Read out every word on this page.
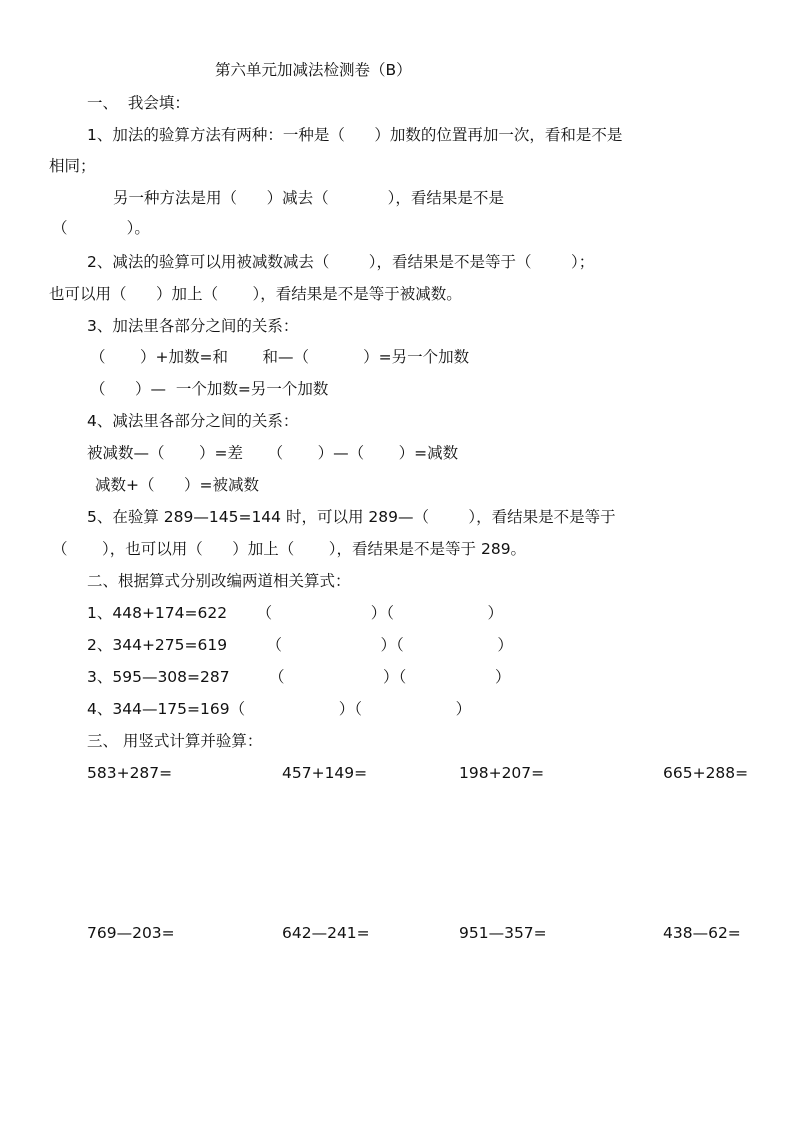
第六单元加减法检测卷（B）
一、  我会填：
1、加法的验算方法有两种：一种是（      ）加数的位置再加一次，看和是不是
相同；
另一种方法是用（      ）减去（            ），看结果是不是
（            ）。
2、减法的验算可以用被减数减去（        ），看结果是不是等于（        ）；
也可以用（      ）加上（       ），看结果是不是等于被减数。
3、加法里各部分之间的关系：
（       ）+加数=和       和—（           ）=另一个加数
（      ）—  一个加数=另一个加数
4、减法里各部分之间的关系：
被减数—（       ）=差     （       ）—（       ）=减数
减数+（      ）=被减数
5、在验算 289—145=144 时，可以用 289—（        ），看结果是不是等于
（       ），也可以用（      ）加上（       ），看结果是不是等于 289。
二、根据算式分别改编两道相关算式：
1、448+174=622      （                    ）（                   ）
2、344+275=619        （                    ）（                   ）
3、595—308=287        （                    ）（                  ）
4、344—175=169（                   ）（                   ）
三、 用竖式计算并验算：
583+287=	457+149=	198+207=	665+288=
769—203=	642—241=	951—357=	438—62=
